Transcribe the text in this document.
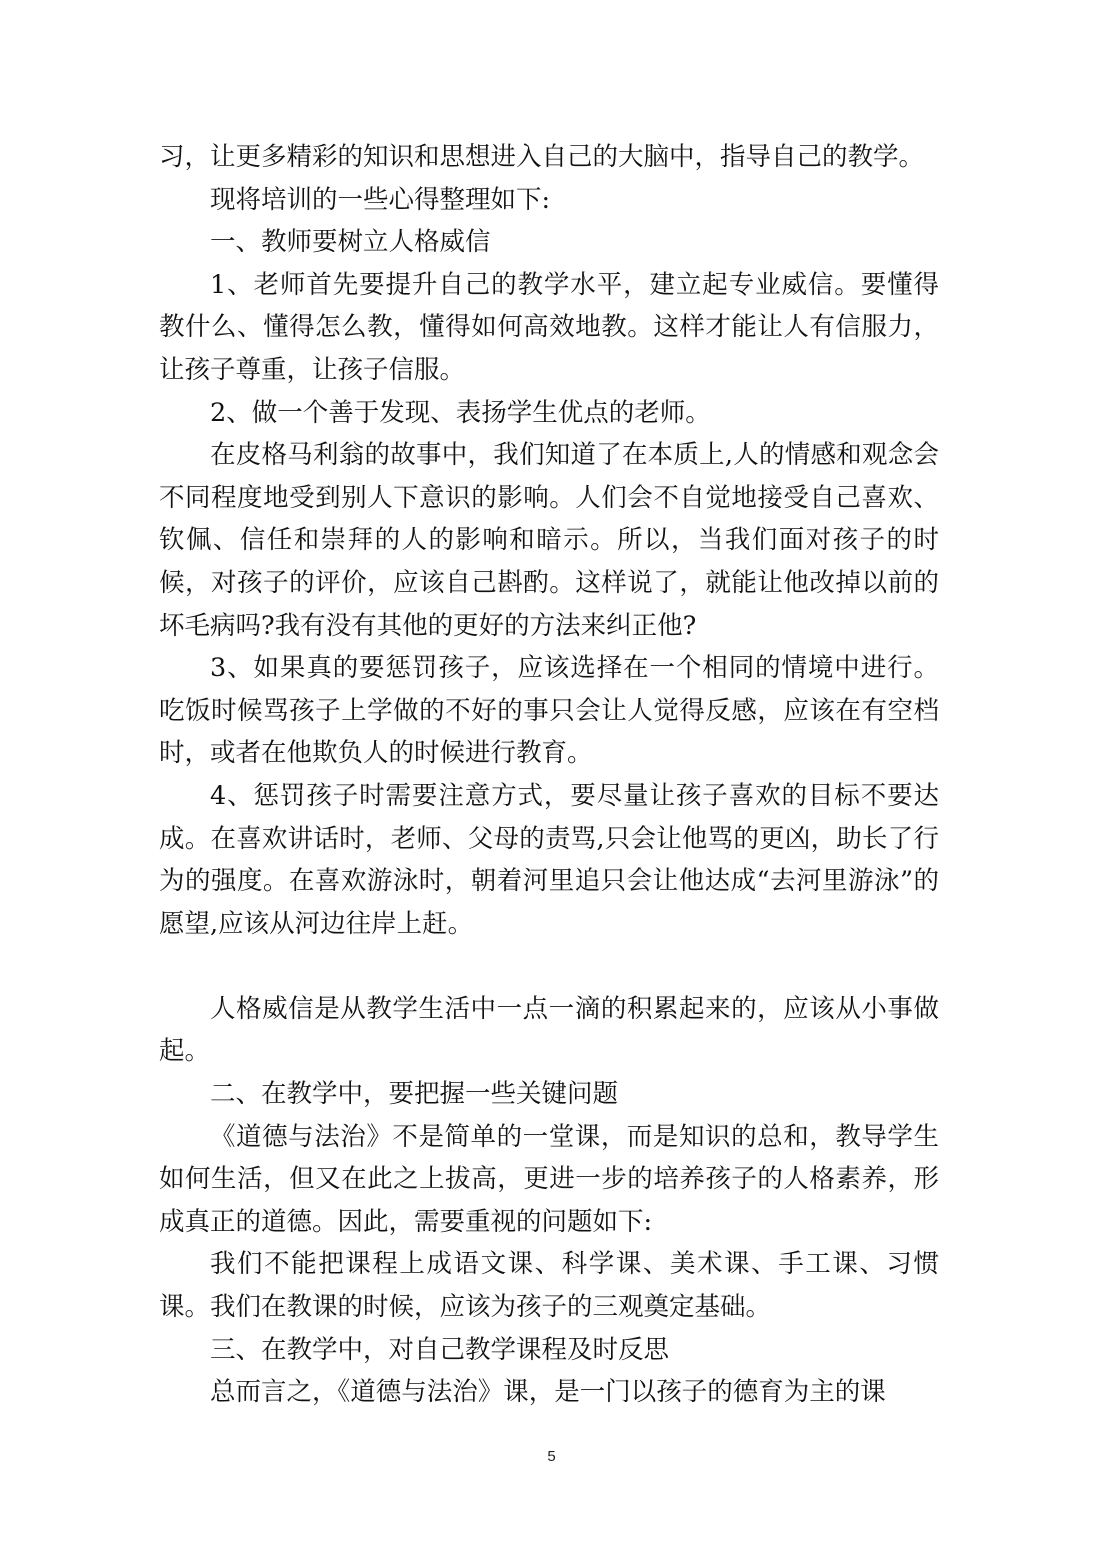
习，让更多精彩的知识和思想进入自己的大脑中，指导自己的教学。

现将培训的一些心得整理如下:

一、教师要树立人格威信

1、老师首先要提升自己的教学水平，建立起专业威信。要懂得教什么、懂得怎么教，懂得如何高效地教。这样才能让人有信服力，让孩子尊重，让孩子信服。

2、做一个善于发现、表扬学生优点的老师。

在皮格马利翁的故事中，我们知道了在本质上,人的情感和观念会不同程度地受到别人下意识的影响。人们会不自觉地接受自己喜欢、钦佩、信任和崇拜的人的影响和暗示。所以，当我们面对孩子的时候，对孩子的评价，应该自己斟酌。这样说了，就能让他改掉以前的坏毛病吗?我有没有其他的更好的方法来纠正他?

3、如果真的要惩罚孩子，应该选择在一个相同的情境中进行。吃饭时候骂孩子上学做的不好的事只会让人觉得反感，应该在有空档时，或者在他欺负人的时候进行教育。

4、惩罚孩子时需要注意方式，要尽量让孩子喜欢的目标不要达成。在喜欢讲话时，老师、父母的责骂,只会让他骂的更凶，助长了行为的强度。在喜欢游泳时，朝着河里追只会让他达成“去河里游泳”的愿望,应该从河边往岸上赶。

人格威信是从教学生活中一点一滴的积累起来的，应该从小事做起。

二、在教学中，要把握一些关键问题

《道德与法治》不是简单的一堂课，而是知识的总和，教导学生如何生活，但又在此之上拔高，更进一步的培养孩子的人格素养，形成真正的道德。因此，需要重视的问题如下:

我们不能把课程上成语文课、科学课、美术课、手工课、习惯课。我们在教课的时候，应该为孩子的三观奠定基础。

三、在教学中，对自己教学课程及时反思

总而言之，《道德与法治》课，是一门以孩子的德育为主的课

5
